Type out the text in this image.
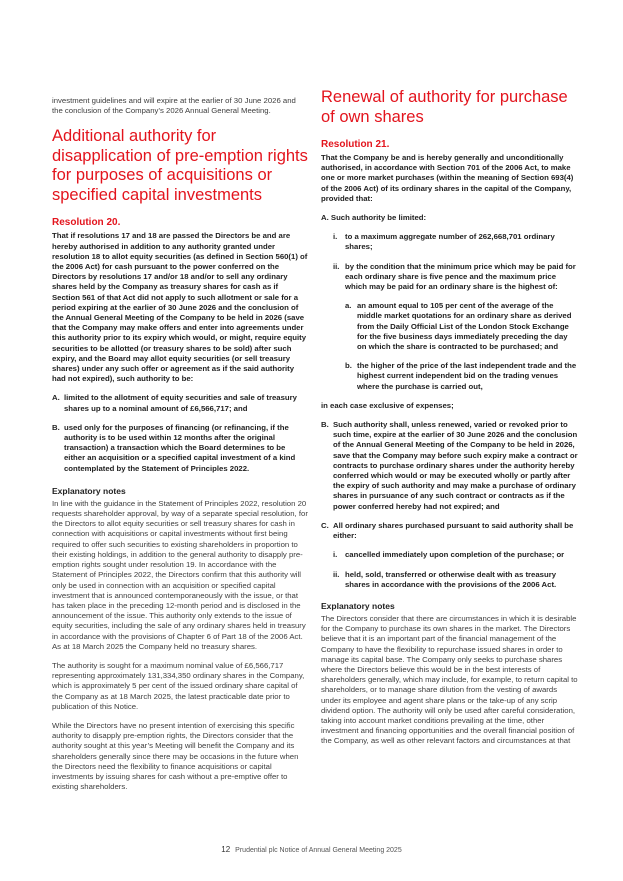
investment guidelines and will expire at the earlier of 30 June 2026 and the conclusion of the Company’s 2026 Annual General Meeting.

Additional authority for disapplication of pre-emption rights for purposes of acquisitions or specified capital investments

Resolution 20.

That if resolutions 17 and 18 are passed the Directors be and are hereby authorised in addition to any authority granted under resolution 18 to allot equity securities (as defined in Section 560(1) of the 2006 Act) for cash pursuant to the power conferred on the Directors by resolutions 17 and/or 18 and/or to sell any ordinary shares held by the Company as treasury shares for cash as if Section 561 of that Act did not apply to such allotment or sale for a period expiring at the earlier of 30 June 2026 and the conclusion of the Annual General Meeting of the Company to be held in 2026 (save that the Company may make offers and enter into agreements under this authority prior to its expiry which would, or might, require equity securities to be allotted (or treasury shares to be sold) after such expiry, and the Board may allot equity securities (or sell treasury shares) under any such offer or agreement as if the said authority had not expired), such authority to be:

A. limited to the allotment of equity securities and sale of treasury shares up to a nominal amount of £6,566,717; and
B. used only for the purposes of financing (or refinancing, if the authority is to be used within 12 months after the original transaction) a transaction which the Board determines to be either an acquisition or a specified capital investment of a kind contemplated by the Statement of Principles 2022.

Explanatory notes

In line with the guidance in the Statement of Principles 2022, resolution 20 requests shareholder approval, by way of a separate special resolution, for the Directors to allot equity securities or sell treasury shares for cash in connection with acquisitions or capital investments without first being required to offer such securities to existing shareholders in proportion to their existing holdings, in addition to the general authority to disapply pre-emption rights sought under resolution 19. In accordance with the Statement of Principles 2022, the Directors confirm that this authority will only be used in connection with an acquisition or specified capital investment that is announced contemporaneously with the issue, or that has taken place in the preceding 12-month period and is disclosed in the announcement of the issue. This authority only extends to the issue of equity securities, including the sale of any ordinary shares held in treasury in accordance with the provisions of Chapter 6 of Part 18 of the 2006 Act. As at 18 March 2025 the Company held no treasury shares.

The authority is sought for a maximum nominal value of £6,566,717 representing approximately 131,334,350 ordinary shares in the Company, which is approximately 5 per cent of the issued ordinary share capital of the Company as at 18 March 2025, the latest practicable date prior to publication of this Notice.

While the Directors have no present intention of exercising this specific authority to disapply pre-emption rights, the Directors consider that the authority sought at this year’s Meeting will benefit the Company and its shareholders generally since there may be occasions in the future when the Directors need the flexibility to finance acquisitions or capital investments by issuing shares for cash without a pre-emptive offer to existing shareholders.

Renewal of authority for purchase of own shares

Resolution 21.

That the Company be and is hereby generally and unconditionally authorised, in accordance with Section 701 of the 2006 Act, to make one or more market purchases (within the meaning of Section 693(4) of the 2006 Act) of its ordinary shares in the capital of the Company, provided that:

A. Such authority be limited:

i. to a maximum aggregate number of 262,668,701 ordinary shares;
ii. by the condition that the minimum price which may be paid for each ordinary share is five pence and the maximum price which may be paid for an ordinary share is the highest of:
a. an amount equal to 105 per cent of the average of the middle market quotations for an ordinary share as derived from the Daily Official List of the London Stock Exchange for the five business days immediately preceding the day on which the share is contracted to be purchased; and
b. the higher of the price of the last independent trade and the highest current independent bid on the trading venues where the purchase is carried out,

in each case exclusive of expenses;

B. Such authority shall, unless renewed, varied or revoked prior to such time, expire at the earlier of 30 June 2026 and the conclusion of the Annual General Meeting of the Company to be held in 2026, save that the Company may before such expiry make a contract or contracts to purchase ordinary shares under the authority hereby conferred which would or may be executed wholly or partly after the expiry of such authority and may make a purchase of ordinary shares in pursuance of any such contract or contracts as if the power conferred hereby had not expired; and
C. All ordinary shares purchased pursuant to said authority shall be either:
i. cancelled immediately upon completion of the purchase; or
ii. held, sold, transferred or otherwise dealt with as treasury shares in accordance with the provisions of the 2006 Act.

Explanatory notes

The Directors consider that there are circumstances in which it is desirable for the Company to purchase its own shares in the market. The Directors believe that it is an important part of the financial management of the Company to have the flexibility to repurchase issued shares in order to manage its capital base. The Company only seeks to purchase shares where the Directors believe this would be in the best interests of shareholders generally, which may include, for example, to return capital to shareholders, or to manage share dilution from the vesting of awards under its employee and agent share plans or the take-up of any scrip dividend option. The authority will only be used after careful consideration, taking into account market conditions prevailing at the time, other investment and financing opportunities and the overall financial position of the Company, as well as other relevant factors and circumstances at that

12 Prudential plc Notice of Annual General Meeting 2025
